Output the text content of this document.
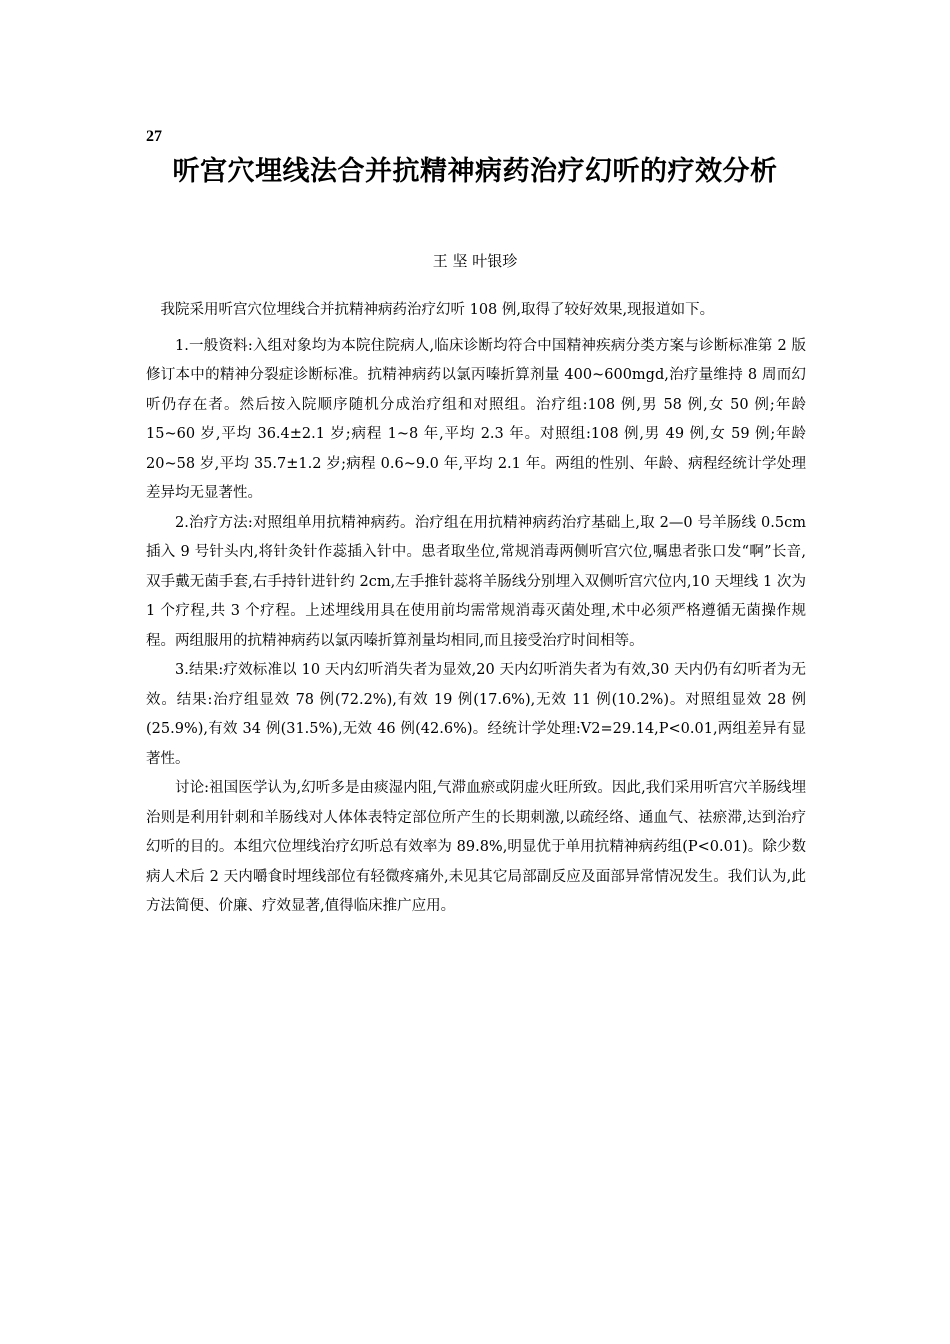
27
听宫穴埋线法合并抗精神病药治疗幻听的疗效分析
王 坚 叶银珍

我院采用听宫穴位埋线合并抗精神病药治疗幻听 108 例,取得了较好效果,现报道如下。

1.一般资料:入组对象均为本院住院病人,临床诊断均符合中国精神疾病分类方案与诊断标准第 2 版修订本中的精神分裂症诊断标准。抗精神病药以氯丙嗪折算剂量 400~600mgd,治疗量维持 8 周而幻听仍存在者。然后按入院顺序随机分成治疗组和对照组。治疗组:108 例,男 58 例,女 50 例;年龄 15~60 岁,平均 36.4±2.1 岁;病程 1~8 年,平均 2.3 年。对照组:108 例,男 49 例,女 59 例;年龄 20~58 岁,平均 35.7±1.2 岁;病程 0.6~9.0 年,平均 2.1 年。两组的性别、年龄、病程经统计学处理差异均无显著性。

2.治疗方法:对照组单用抗精神病药。治疗组在用抗精神病药治疗基础上,取 2—0 号羊肠线 0.5cm 插入 9 号针头内,将针灸针作蕊插入针中。患者取坐位,常规消毒两侧听宫穴位,嘱患者张口发“啊”长音,双手戴无菌手套,右手持针进针约 2cm,左手推针蕊将羊肠线分别埋入双侧听宫穴位内,10 天埋线 1 次为 1 个疗程,共 3 个疗程。上述埋线用具在使用前均需常规消毒灭菌处理,术中必须严格遵循无菌操作规程。两组服用的抗精神病药以氯丙嗪折算剂量均相同,而且接受治疗时间相等。

3.结果:疗效标准以 10 天内幻听消失者为显效,20 天内幻听消失者为有效,30 天内仍有幻听者为无效。结果:治疗组显效 78 例(72.2%),有效 19 例(17.6%),无效 11 例(10.2%)。对照组显效 28 例(25.9%),有效 34 例(31.5%),无效 46 例(42.6%)。经统计学处理:V2=29.14,P<0.01,两组差异有显著性。

讨论:祖国医学认为,幻听多是由痰湿内阻,气滞血瘀或阴虚火旺所致。因此,我们采用听宫穴羊肠线埋治则是利用针刺和羊肠线对人体体表特定部位所产生的长期刺激,以疏经络、通血气、祛瘀滞,达到治疗幻听的目的。本组穴位埋线治疗幻听总有效率为 89.8%,明显优于单用抗精神病药组(P<0.01)。除少数病人术后 2 天内嚼食时埋线部位有轻微疼痛外,未见其它局部副反应及面部异常情况发生。我们认为,此方法简便、价廉、疗效显著,值得临床推广应用。
